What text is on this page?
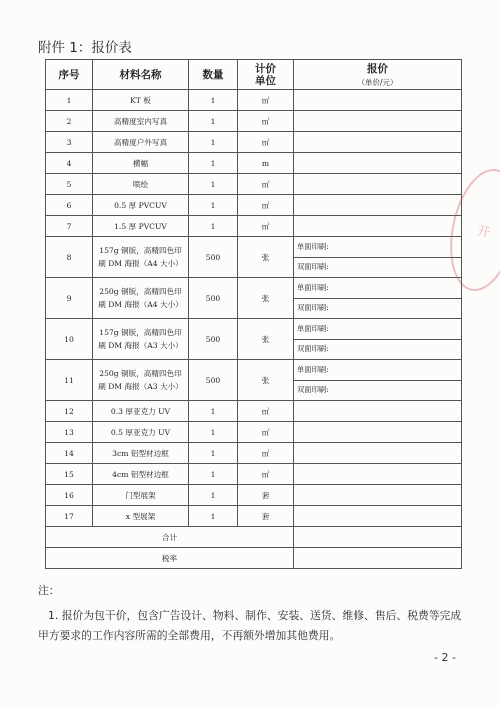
附件 1：报价表
序号	材料名称	数量	计价单位	报价
（单价/元）

1	KT 板	1	㎡	
2	高精度室内写真	1	㎡	
3	高精度户外写真	1	㎡	
4	横幅	1	m	
5	喷绘	1	㎡	
6	0.5 厚 PVCUV	1	㎡	
7	1.5 厚 PVCUV	1	㎡	
8	157g 铜版，高精四色印刷 DM 海报（A4 大小）	500	张	单面印刷:
				双面印刷:
9	250g 铜版，高精四色印刷 DM 海报（A4 大小）	500	张	单面印刷:
				双面印刷:
10	157g 铜版，高精四色印刷 DM 海报（A3 大小）	500	张	单面印刷:
				双面印刷:
11	250g 铜版，高精四色印刷 DM 海报（A3 大小）	500	张	单面印刷:
				双面印刷:
12	0.3 厚亚克力 UV	1	㎡	
13	0.5 厚亚克力 UV	1	㎡	
14	3cm 铝型材边框	1	㎡	
15	4cm 铝型材边框	1	㎡	
16	门型展架	1	套	
17	x 型展架	1	套	
合计				
税率				
开
注：
1. 报价为包干价，包含广告设计、物料、制作、安装、送货、维修、售后、税费等完成甲方要求的工作内容所需的全部费用，不再额外增加其他费用。
- 2 -
